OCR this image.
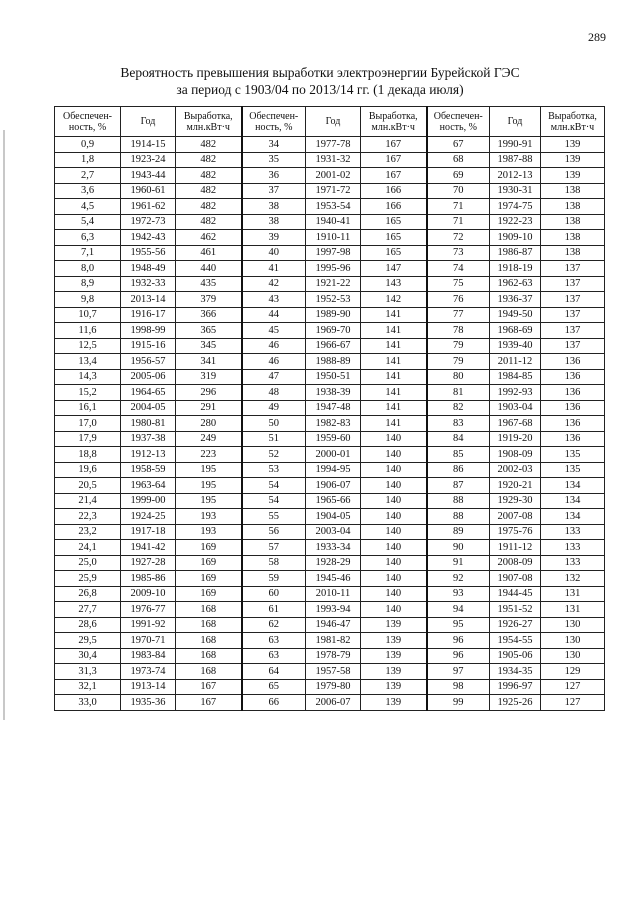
289
Вероятность превышения выработки электроэнергии Бурейской ГЭС
за период с 1903/04 по 2013/14 гг. (1 декада июля)
Обеспечен-ность, %	Год	Выработка, млн.кВт·ч	Обеспечен-ность, %	Год	Выработка, млн.кВт·ч	Обеспечен-ность, %	Год	Выработка, млн.кВт·ч
0,9	1914-15	482	34	1977-78	167	67	1990-91	139
1,8	1923-24	482	35	1931-32	167	68	1987-88	139
2,7	1943-44	482	36	2001-02	167	69	2012-13	139
3,6	1960-61	482	37	1971-72	166	70	1930-31	138
4,5	1961-62	482	38	1953-54	166	71	1974-75	138
5,4	1972-73	482	38	1940-41	165	71	1922-23	138
6,3	1942-43	462	39	1910-11	165	72	1909-10	138
7,1	1955-56	461	40	1997-98	165	73	1986-87	138
8,0	1948-49	440	41	1995-96	147	74	1918-19	137
8,9	1932-33	435	42	1921-22	143	75	1962-63	137
9,8	2013-14	379	43	1952-53	142	76	1936-37	137
10,7	1916-17	366	44	1989-90	141	77	1949-50	137
11,6	1998-99	365	45	1969-70	141	78	1968-69	137
12,5	1915-16	345	46	1966-67	141	79	1939-40	137
13,4	1956-57	341	46	1988-89	141	79	2011-12	136
14,3	2005-06	319	47	1950-51	141	80	1984-85	136
15,2	1964-65	296	48	1938-39	141	81	1992-93	136
16,1	2004-05	291	49	1947-48	141	82	1903-04	136
17,0	1980-81	280	50	1982-83	141	83	1967-68	136
17,9	1937-38	249	51	1959-60	140	84	1919-20	136
18,8	1912-13	223	52	2000-01	140	85	1908-09	135
19,6	1958-59	195	53	1994-95	140	86	2002-03	135
20,5	1963-64	195	54	1906-07	140	87	1920-21	134
21,4	1999-00	195	54	1965-66	140	88	1929-30	134
22,3	1924-25	193	55	1904-05	140	88	2007-08	134
23,2	1917-18	193	56	2003-04	140	89	1975-76	133
24,1	1941-42	169	57	1933-34	140	90	1911-12	133
25,0	1927-28	169	58	1928-29	140	91	2008-09	133
25,9	1985-86	169	59	1945-46	140	92	1907-08	132
26,8	2009-10	169	60	2010-11	140	93	1944-45	131
27,7	1976-77	168	61	1993-94	140	94	1951-52	131
28,6	1991-92	168	62	1946-47	139	95	1926-27	130
29,5	1970-71	168	63	1981-82	139	96	1954-55	130
30,4	1983-84	168	63	1978-79	139	96	1905-06	130
31,3	1973-74	168	64	1957-58	139	97	1934-35	129
32,1	1913-14	167	65	1979-80	139	98	1996-97	127
33,0	1935-36	167	66	2006-07	139	99	1925-26	127
